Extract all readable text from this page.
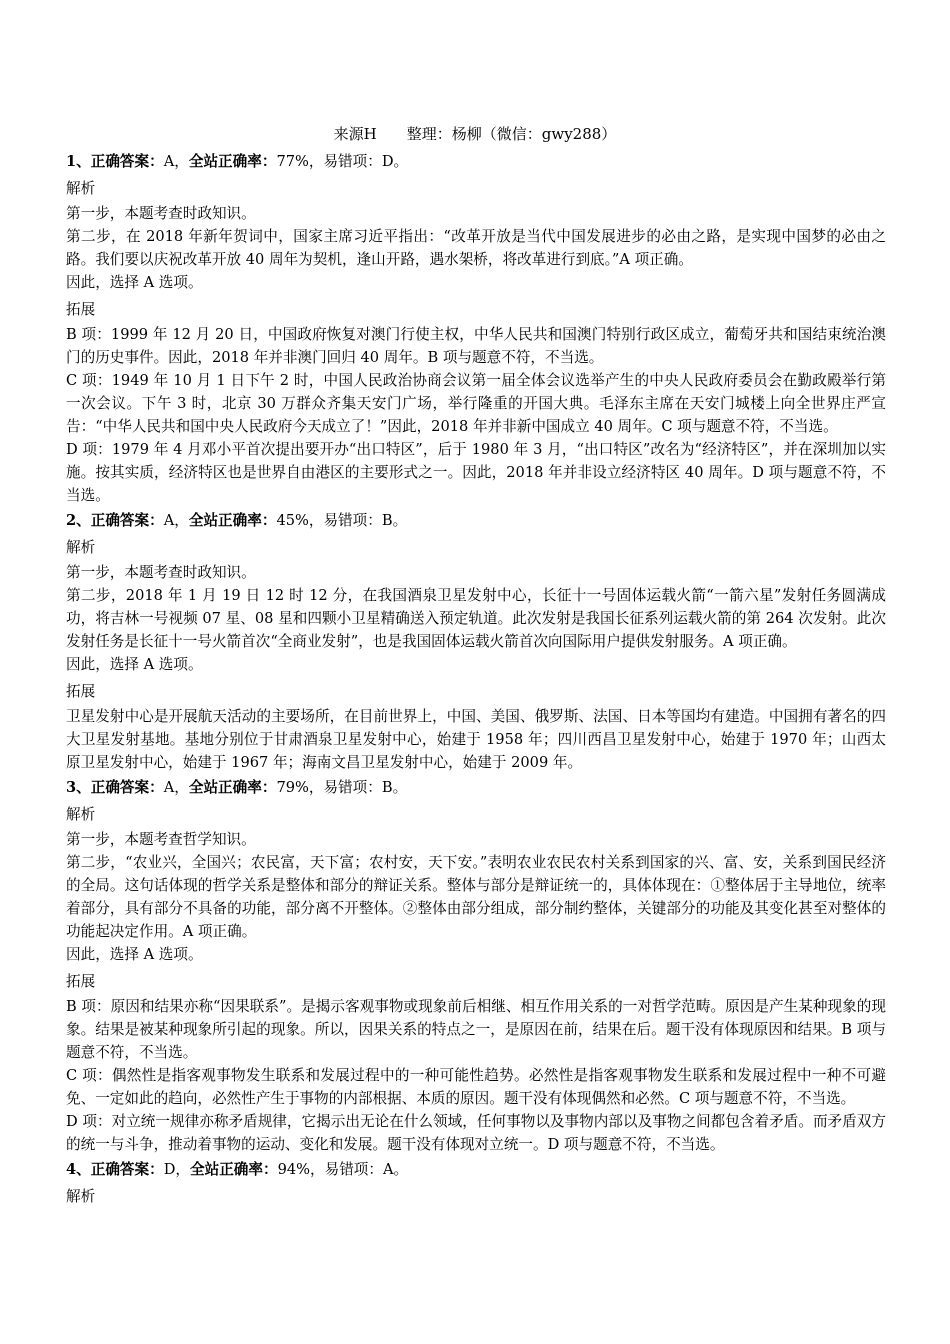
来源H　　整理：杨柳（微信：gwy288）

1、正确答案：A，全站正确率：77%，易错项：D。

解析

第一步，本题考查时政知识。

第二步，在 2018 年新年贺词中，国家主席习近平指出：“改革开放是当代中国发展进步的必由之路，是实现中国梦的必由之路。我们要以庆祝改革开放 40 周年为契机，逢山开路，遇水架桥，将改革进行到底。”A 项正确。

因此，选择 A 选项。

拓展

B 项：1999 年 12 月 20 日，中国政府恢复对澳门行使主权，中华人民共和国澳门特别行政区成立，葡萄牙共和国结束统治澳门的历史事件。因此，2018 年并非澳门回归 40 周年。B 项与题意不符，不当选。

C 项：1949 年 10 月 1 日下午 2 时，中国人民政治协商会议第一届全体会议选举产生的中央人民政府委员会在勤政殿举行第一次会议。下午 3 时，北京 30 万群众齐集天安门广场，举行隆重的开国大典。毛泽东主席在天安门城楼上向全世界庄严宣告：“中华人民共和国中央人民政府今天成立了！”因此，2018 年并非新中国成立 40 周年。C 项与题意不符，不当选。

D 项：1979 年 4 月邓小平首次提出要开办“出口特区”，后于 1980 年 3 月，“出口特区”改名为“经济特区”，并在深圳加以实施。按其实质，经济特区也是世界自由港区的主要形式之一。因此，2018 年并非设立经济特区 40 周年。D 项与题意不符，不当选。

2、正确答案：A，全站正确率：45%，易错项：B。

解析

第一步，本题考查时政知识。

第二步，2018 年 1 月 19 日 12 时 12 分，在我国酒泉卫星发射中心，长征十一号固体运载火箭“一箭六星”发射任务圆满成功，将吉林一号视频 07 星、08 星和四颗小卫星精确送入预定轨道。此次发射是我国长征系列运载火箭的第 264 次发射。此次发射任务是长征十一号火箭首次“全商业发射”，也是我国固体运载火箭首次向国际用户提供发射服务。A 项正确。

因此，选择 A 选项。

拓展

卫星发射中心是开展航天活动的主要场所，在目前世界上，中国、美国、俄罗斯、法国、日本等国均有建造。中国拥有著名的四大卫星发射基地。基地分别位于甘肃酒泉卫星发射中心，始建于 1958 年；四川西昌卫星发射中心，始建于 1970 年；山西太原卫星发射中心，始建于 1967 年；海南文昌卫星发射中心，始建于 2009 年。

3、正确答案：A，全站正确率：79%，易错项：B。

解析

第一步，本题考查哲学知识。

第二步，“农业兴，全国兴；农民富，天下富；农村安，天下安。”表明农业农民农村关系到国家的兴、富、安，关系到国民经济的全局。这句话体现的哲学关系是整体和部分的辩证关系。整体与部分是辩证统一的，具体体现在：①整体居于主导地位，统率着部分，具有部分不具备的功能，部分离不开整体。②整体由部分组成，部分制约整体，关键部分的功能及其变化甚至对整体的功能起决定作用。A 项正确。

因此，选择 A 选项。

拓展

B 项：原因和结果亦称“因果联系”。是揭示客观事物或现象前后相继、相互作用关系的一对哲学范畴。原因是产生某种现象的现象。结果是被某种现象所引起的现象。所以，因果关系的特点之一，是原因在前，结果在后。题干没有体现原因和结果。B 项与题意不符，不当选。

C 项：偶然性是指客观事物发生联系和发展过程中的一种可能性趋势。必然性是指客观事物发生联系和发展过程中一种不可避免、一定如此的趋向，必然性产生于事物的内部根据、本质的原因。题干没有体现偶然和必然。C 项与题意不符，不当选。

D 项：对立统一规律亦称矛盾规律，它揭示出无论在什么领域，任何事物以及事物内部以及事物之间都包含着矛盾。而矛盾双方的统一与斗争，推动着事物的运动、变化和发展。题干没有体现对立统一。D 项与题意不符，不当选。

4、正确答案：D，全站正确率：94%，易错项：A。

解析
